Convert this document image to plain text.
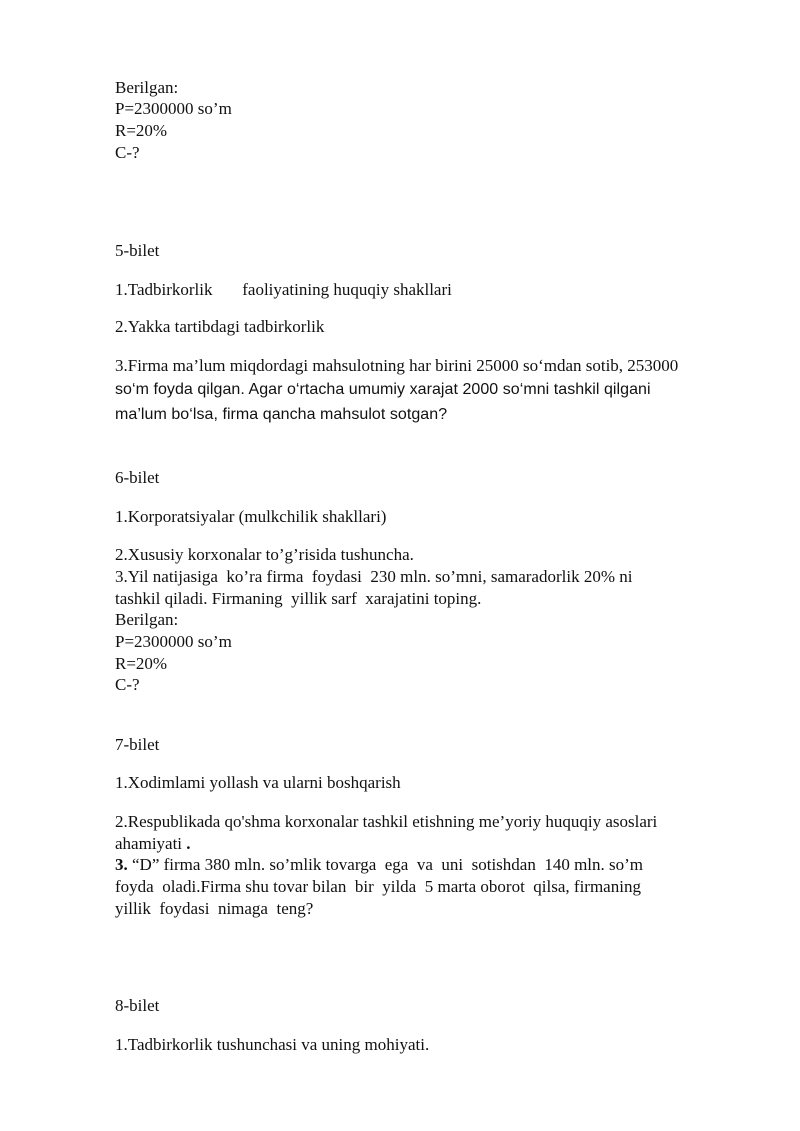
Berilgan:
P=2300000 so’m
R=20%
C-?
5-bilet
1.Tadbirkorlik       faoliyatining huquqiy shakllari
2.Yakka tartibdagi tadbirkorlik
3.Firma ma’lum miqdordagi mahsulotning har birini 25000 so‘mdan sotib, 253000
so‘m foyda qilgan. Agar o‘rtacha umumiy xarajat 2000 so‘mni tashkil qilgani
ma’lum bo‘lsa, firma qancha mahsulot sotgan?
6-bilet
1.Korporatsiyalar (mulkchilik shakllari)
2.Xususiy korxonalar to’g’risida tushuncha.
3.Yil natijasiga  ko’ra firma  foydasi  230 mln. so’mni, samaradorlik 20% ni
tashkil qiladi. Firmaning  yillik sarf  xarajatini toping.
Berilgan:
P=2300000 so’m
R=20%
C-?
7-bilet
1.Xodimlami yollash va ularni boshqarish
2.Respublikada qo'shma korxonalar tashkil etishning me’yoriy huquqiy asoslari
ahamiyati .
3. “D” firma 380 mln. so’mlik tovarga  ega  va  uni  sotishdan  140 mln. so’m
foyda  oladi.Firma shu tovar bilan  bir  yilda  5 marta oborot  qilsa, firmaning
yillik  foydasi  nimaga  teng?
8-bilet
1.Tadbirkorlik tushunchasi va uning mohiyati.
